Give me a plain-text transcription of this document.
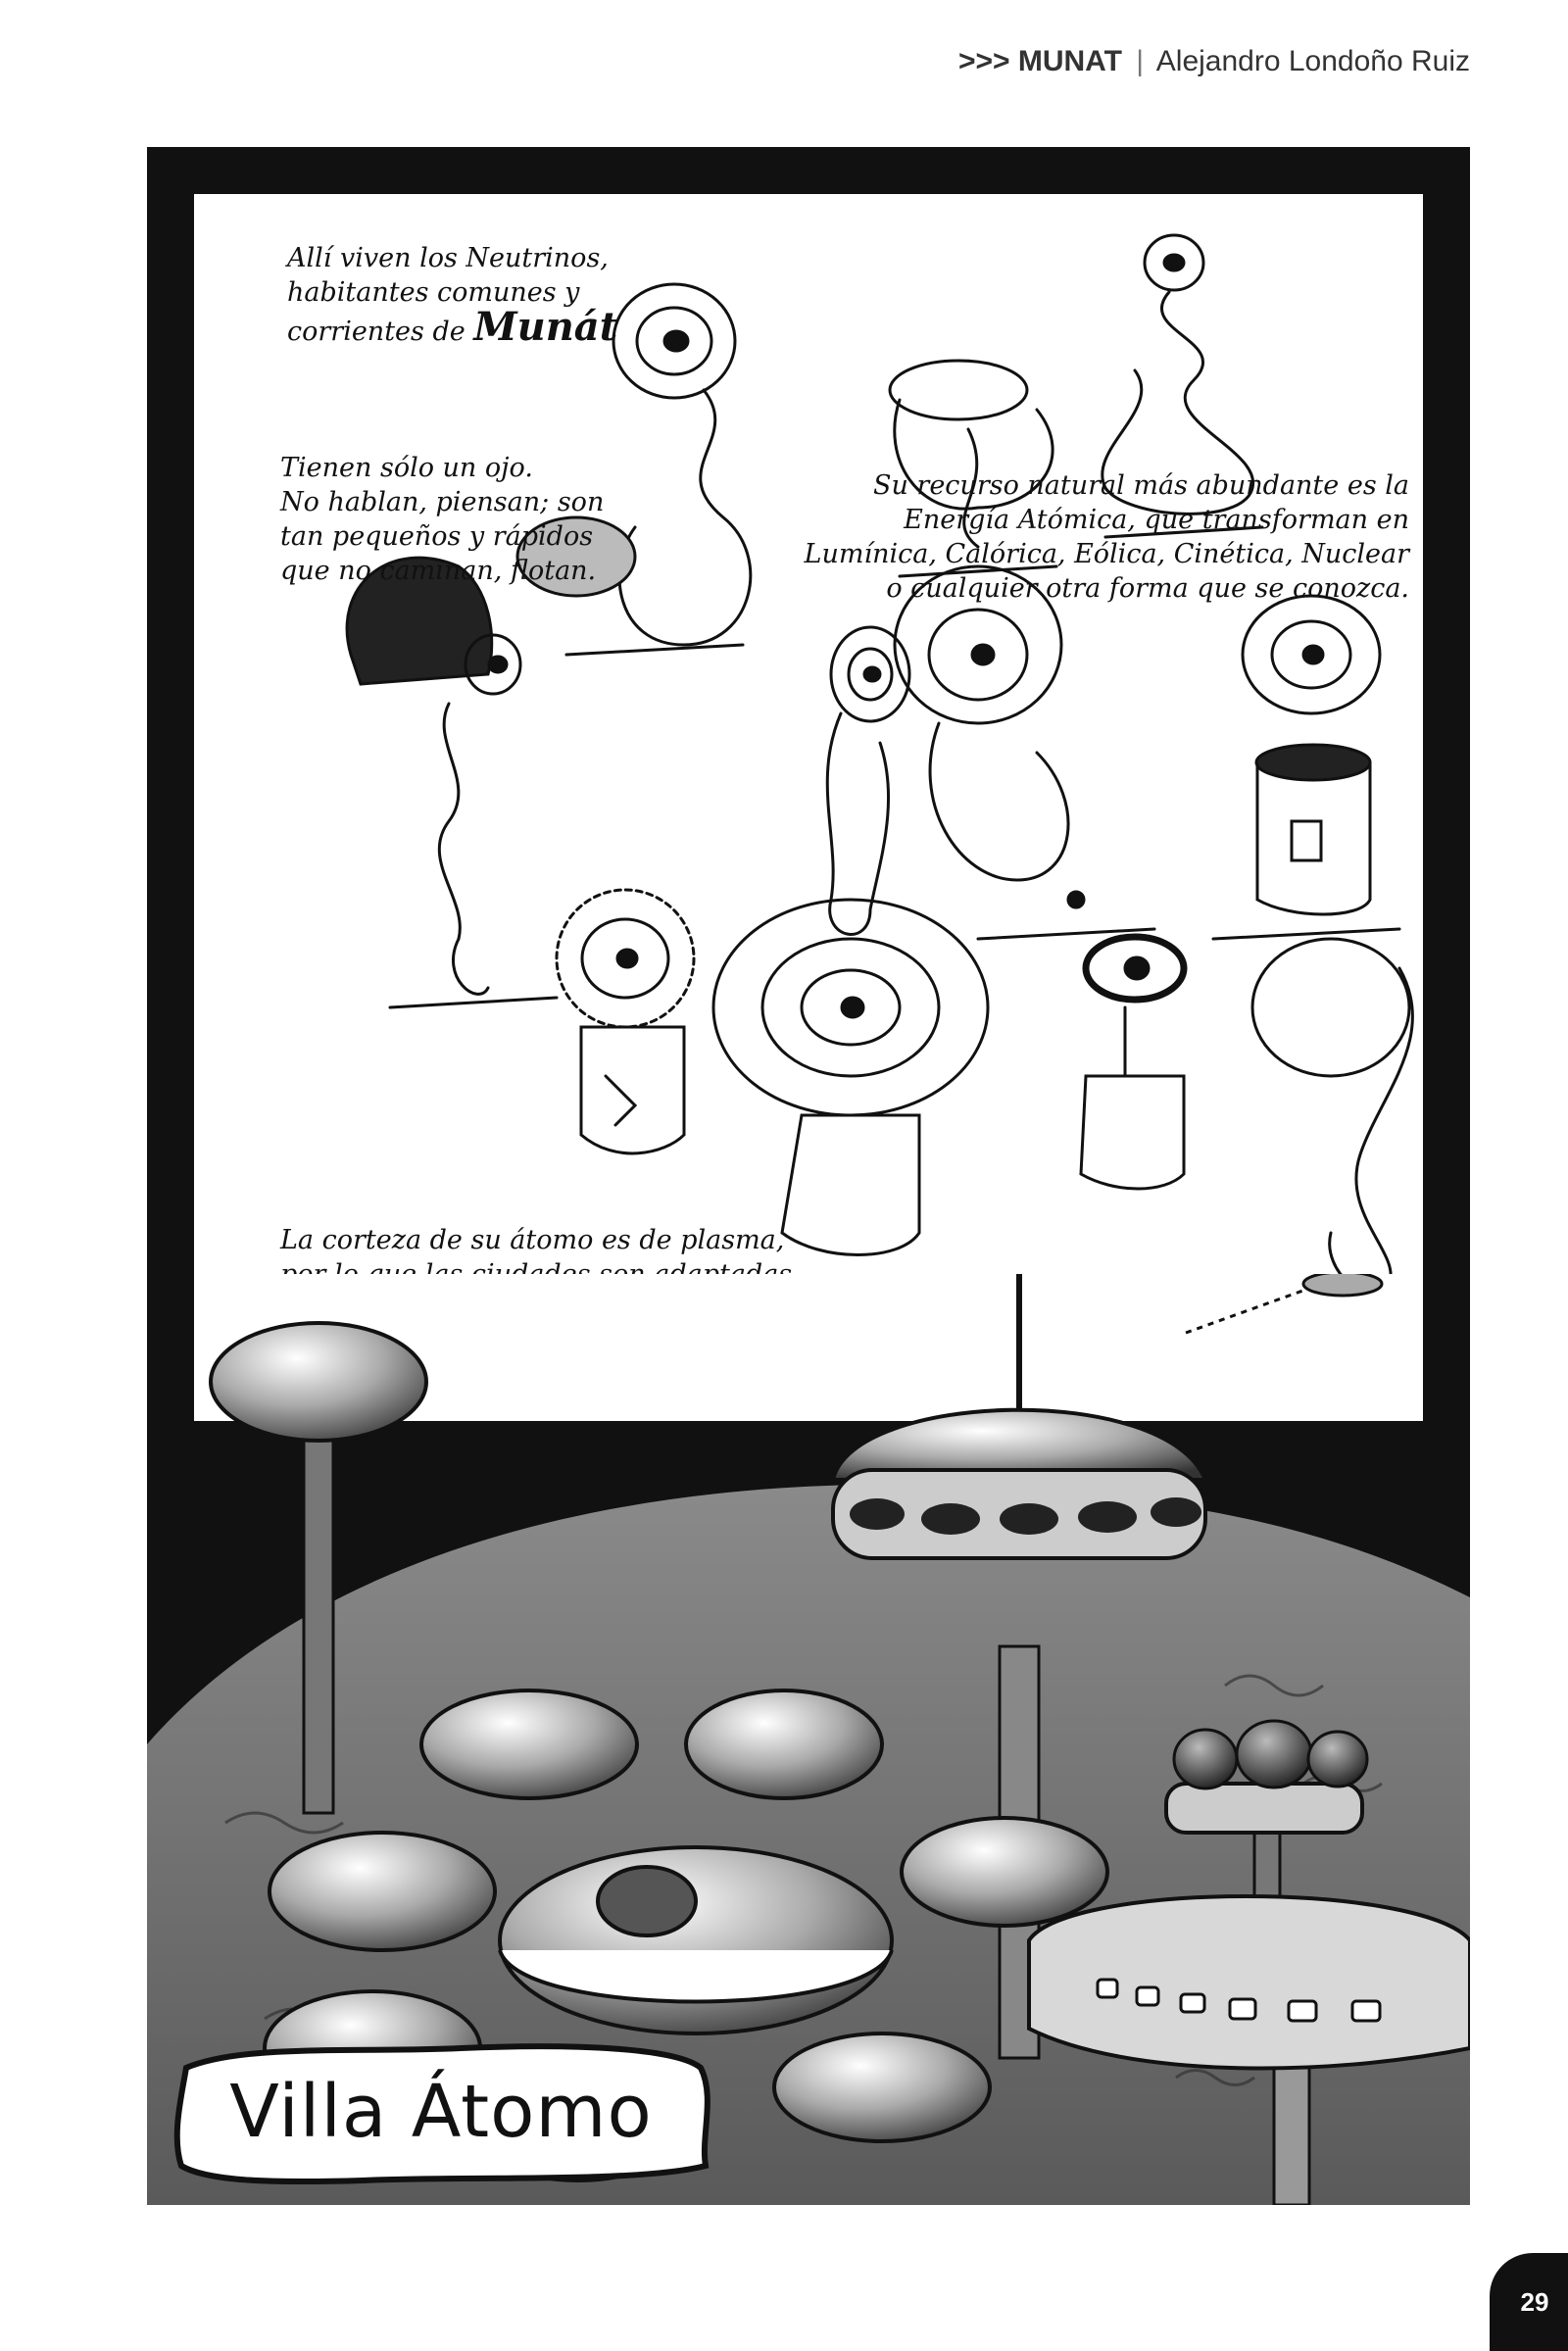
>>> MUNAT | Alejandro Londoño Ruiz

Allí viven los Neutrinos,
habitantes comunes y
corrientes de Munát

Tienen sólo un ojo.
No hablan, piensan; son
tan pequeños y rápidos
que no caminan, flotan.

Su recurso natural más abundante es la
Energía Atómica, que transforman en
Lumínica, Calórica, Eólica, Cinética, Nuclear
o cualquier otra forma que se conozca.

La corteza de su átomo es de plasma,

Villa Átomo
29
